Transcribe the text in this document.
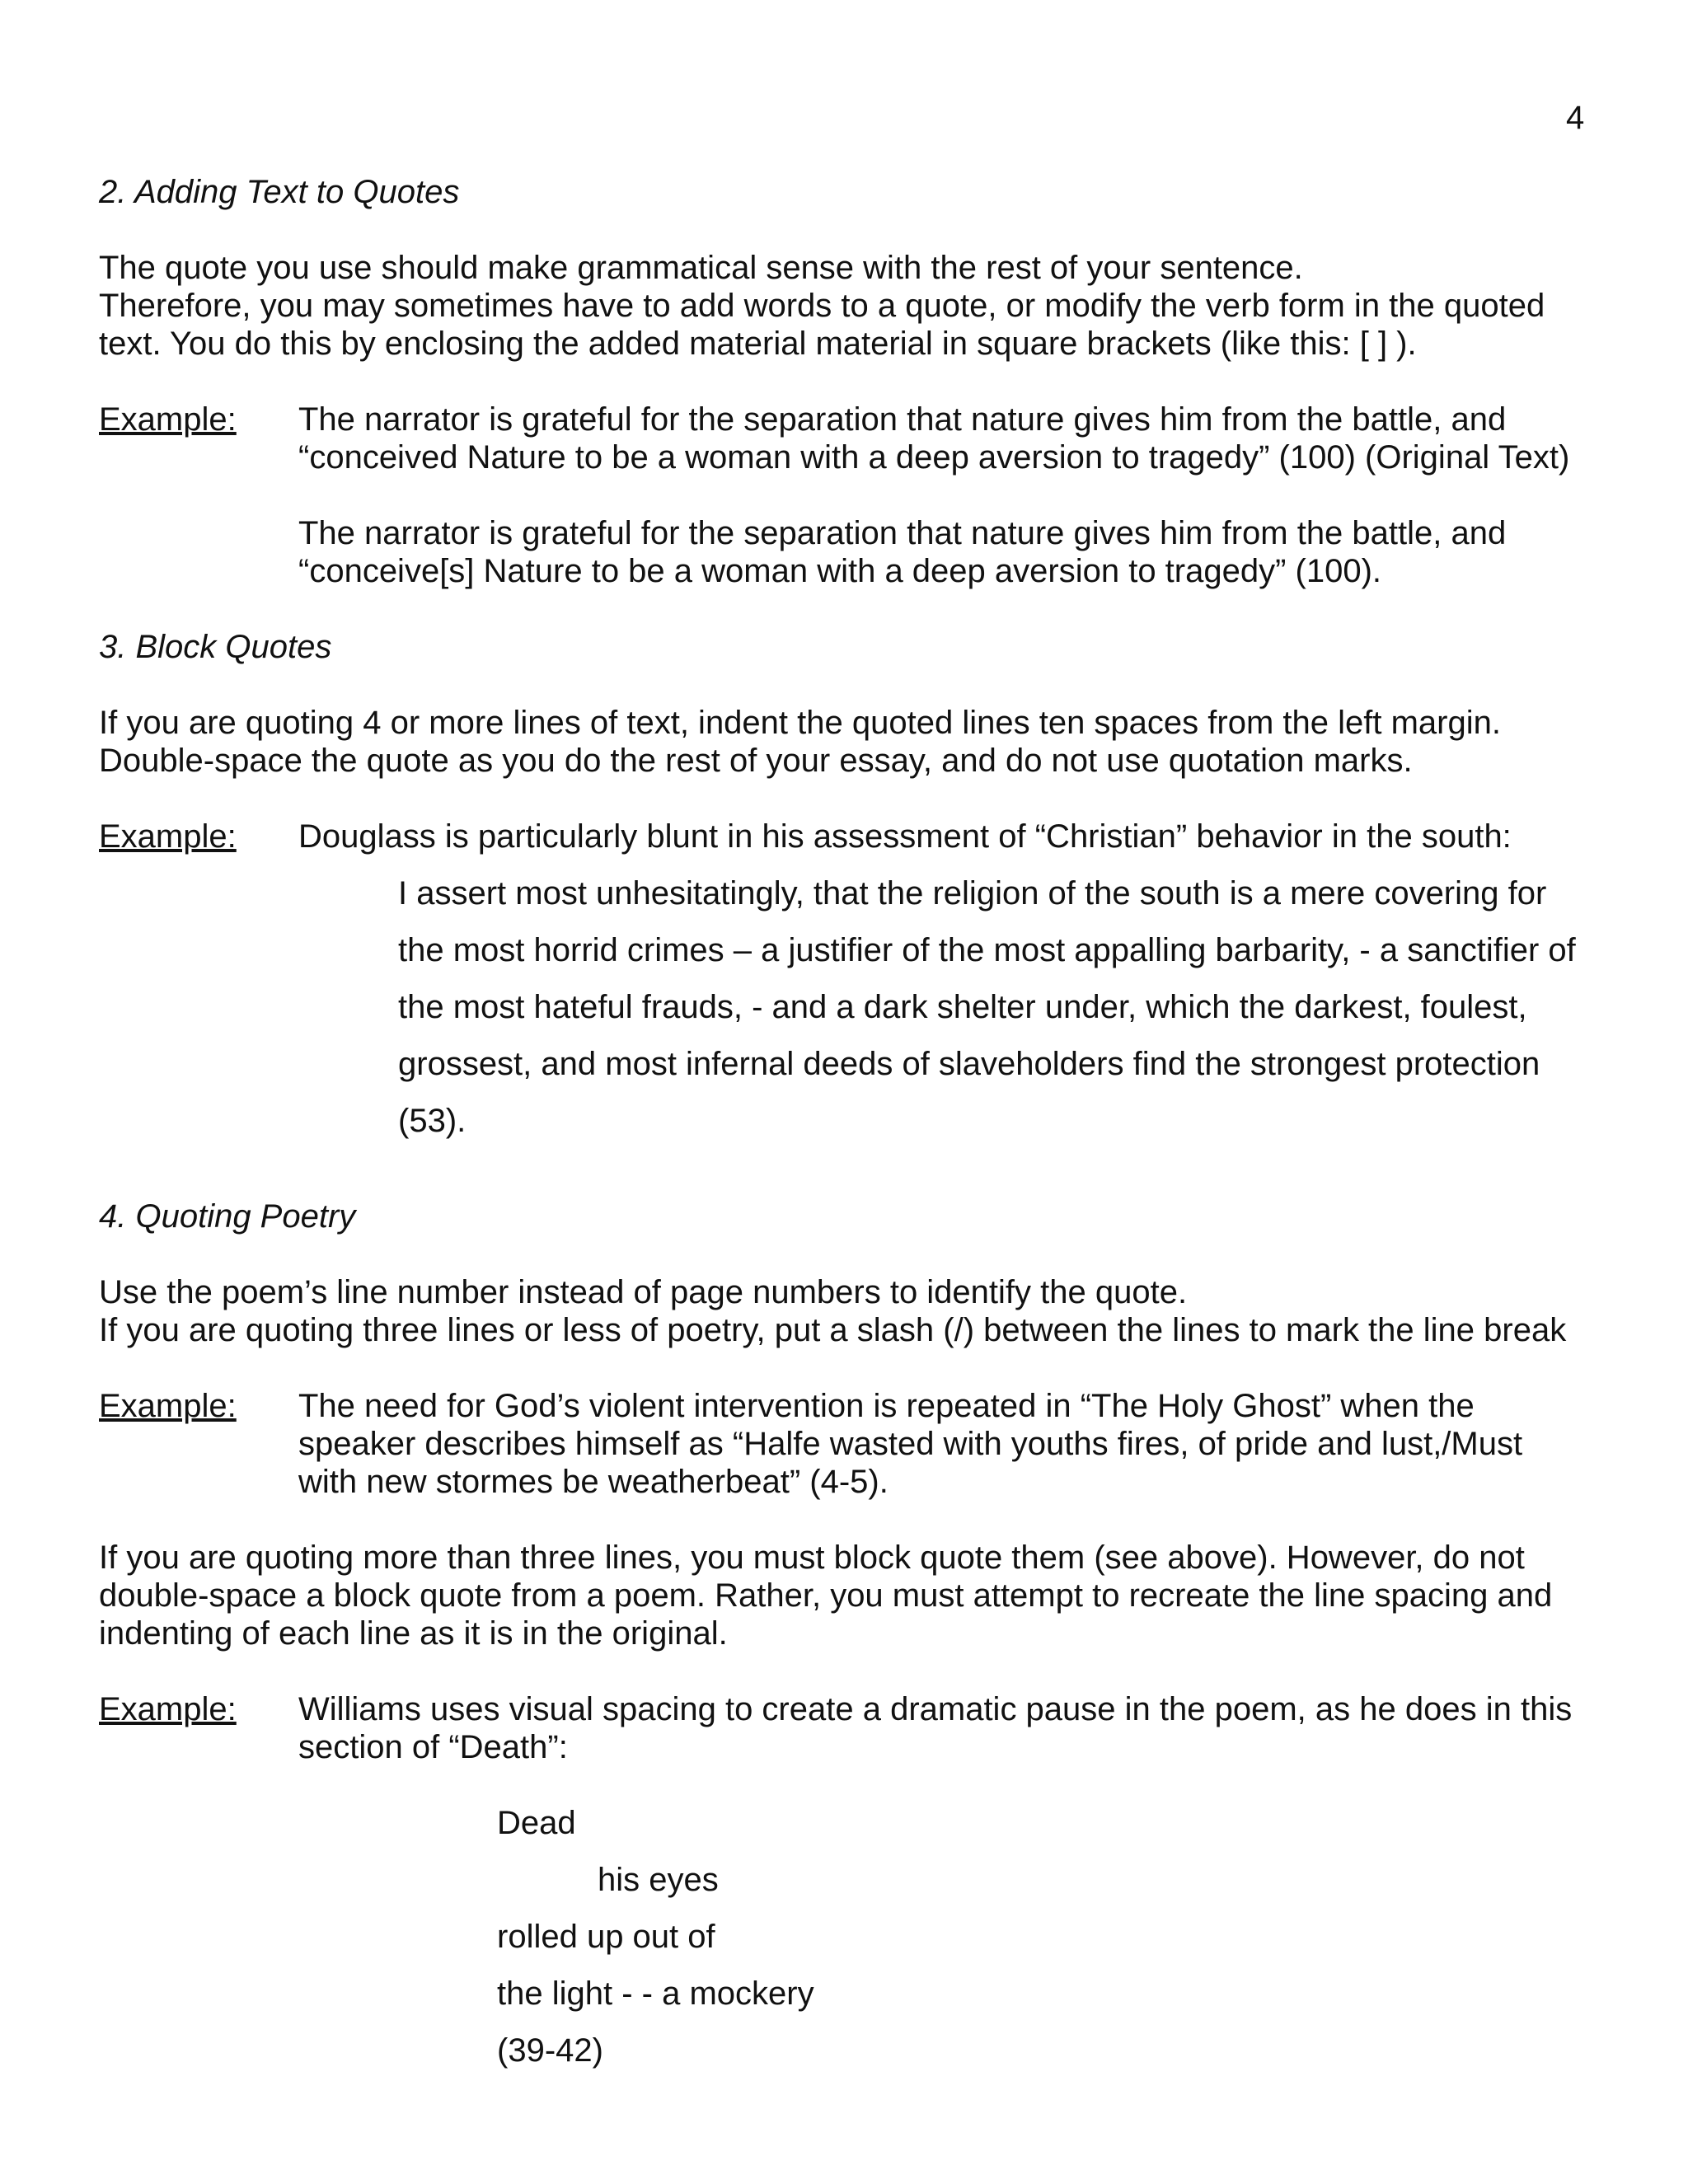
4
2. Adding Text to Quotes
The quote you use should make grammatical sense with the rest of your sentence.
Therefore, you may sometimes have to add words to a quote, or modify the verb form in the quoted
text. You do this by enclosing the added material material in square brackets (like this: [ ] ).
Example: The narrator is grateful for the separation that nature gives him from the battle, and
“conceived Nature to be a woman with a deep aversion to tragedy” (100) (Original Text)
The narrator is grateful for the separation that nature gives him from the battle, and
“conceive[s] Nature to be a woman with a deep aversion to tragedy” (100).
3. Block Quotes
If you are quoting 4 or more lines of text, indent the quoted lines ten spaces from the left margin.
Double-space the quote as you do the rest of your essay, and do not use quotation marks.
Example: Douglass is particularly blunt in his assessment of “Christian” behavior in the south:
I assert most unhesitatingly, that the religion of the south is a mere covering for
the most horrid crimes – a justifier of the most appalling barbarity, - a sanctifier of
the most hateful frauds, - and a dark shelter under, which the darkest, foulest,
grossest, and most infernal deeds of slaveholders find the strongest protection
(53).
4. Quoting Poetry
Use the poem’s line number instead of page numbers to identify the quote.
If you are quoting three lines or less of poetry, put a slash (/) between the lines to mark the line break
Example: The need for God’s violent intervention is repeated in “The Holy Ghost” when the
speaker describes himself as “Halfe wasted with youths fires, of pride and lust,/Must
with new stormes be weatherbeat” (4-5).
If you are quoting more than three lines, you must block quote them (see above). However, do not
double-space a block quote from a poem. Rather, you must attempt to recreate the line spacing and
indenting of each line as it is in the original.
Example: Williams uses visual spacing to create a dramatic pause in the poem, as he does in this
section of “Death”:
Dead
his eyes
rolled up out of
the light - - a mockery
(39-42)
